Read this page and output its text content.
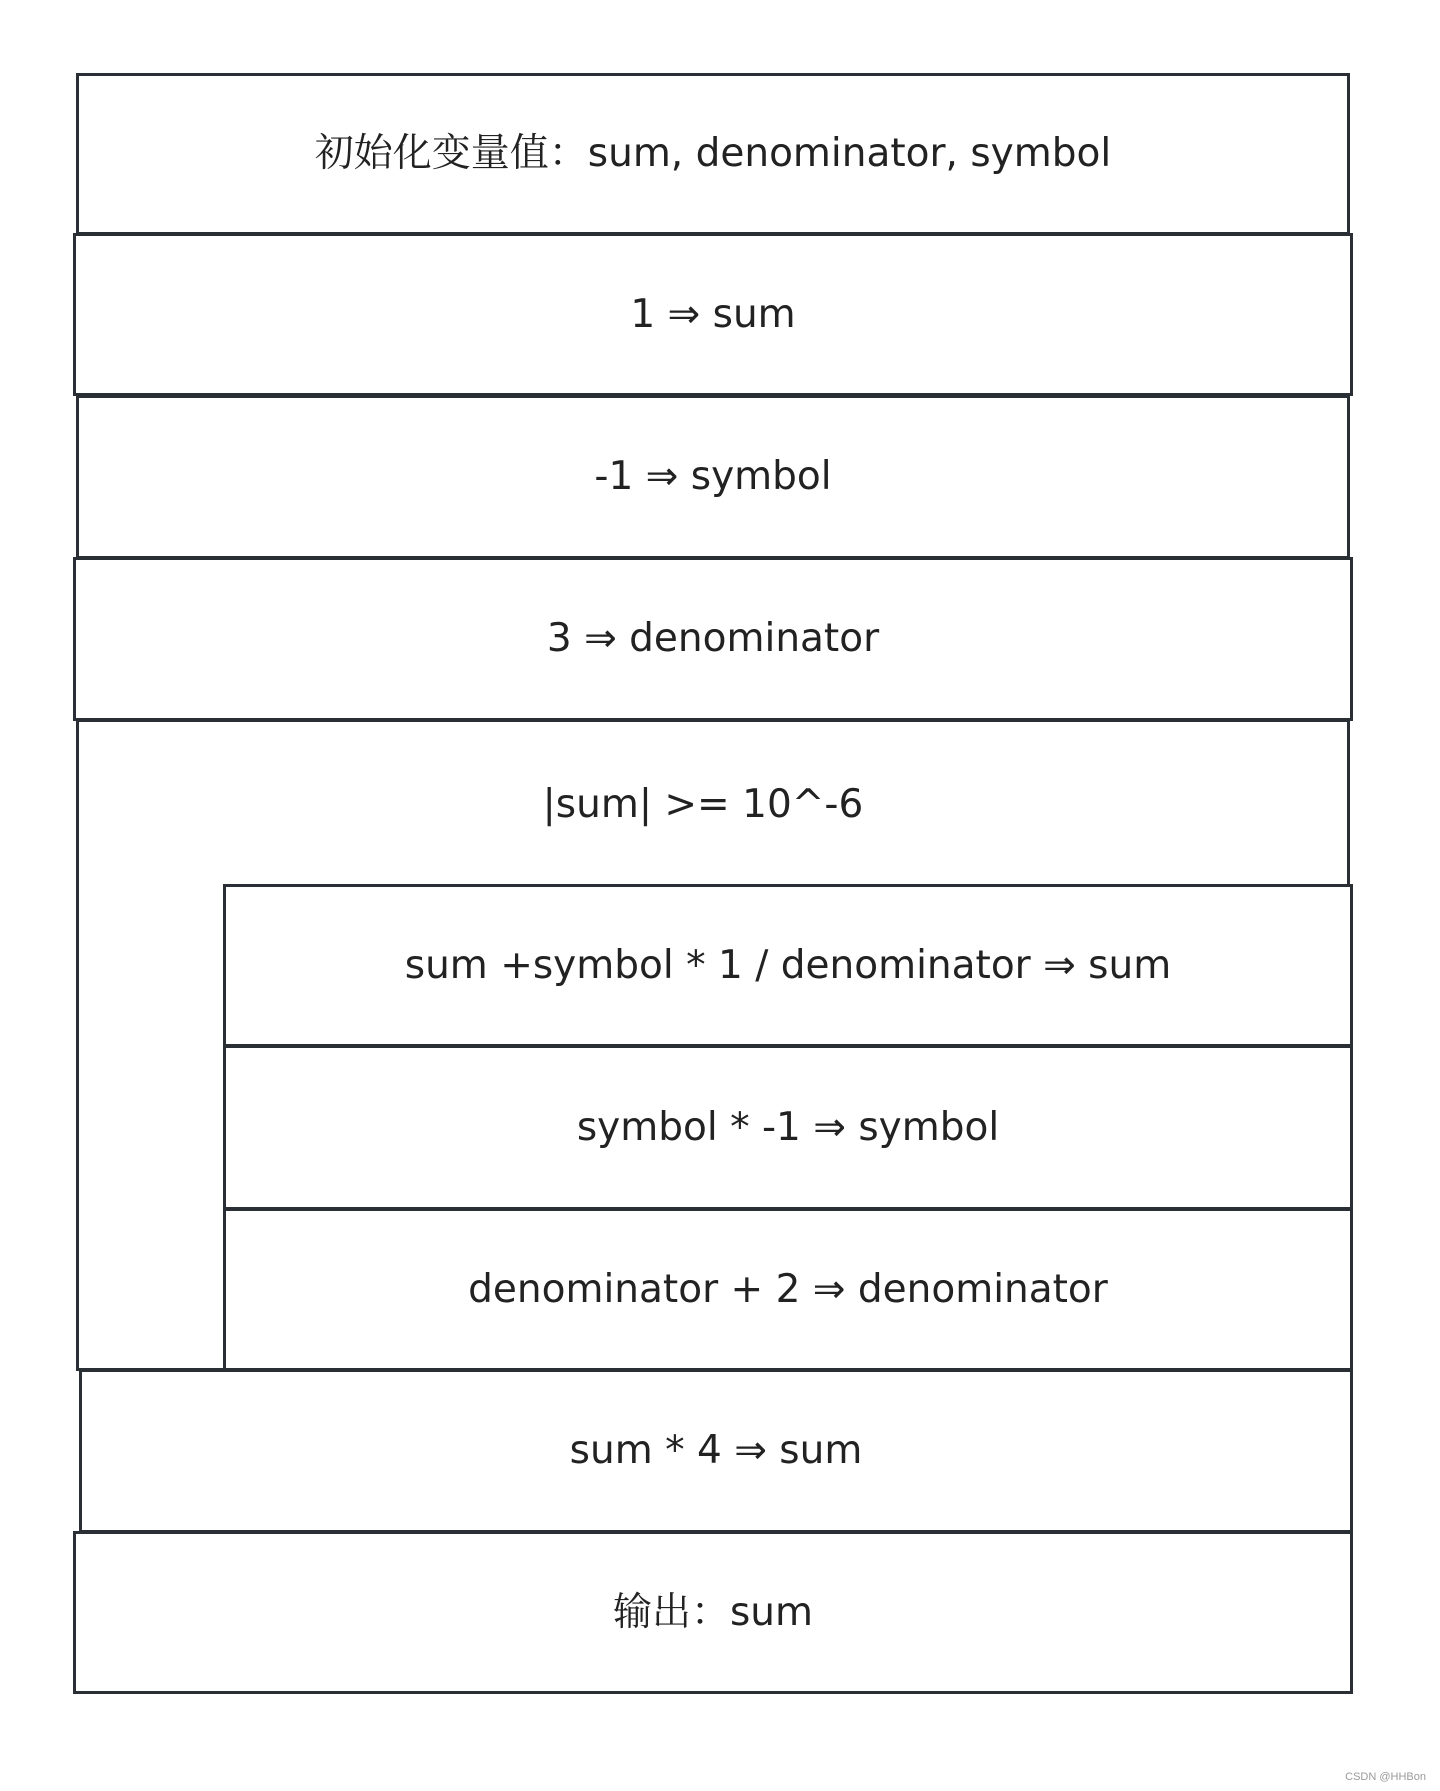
初始化变量值：sum, denominator, symbol
1 ⇒ sum
-1 ⇒ symbol
3 ⇒ denominator
|sum| >= 10^-6
sum +symbol * 1 / denominator ⇒ sum
symbol * -1 ⇒ symbol
denominator + 2 ⇒ denominator
sum * 4 ⇒ sum
输出：sum
CSDN @HHBon
